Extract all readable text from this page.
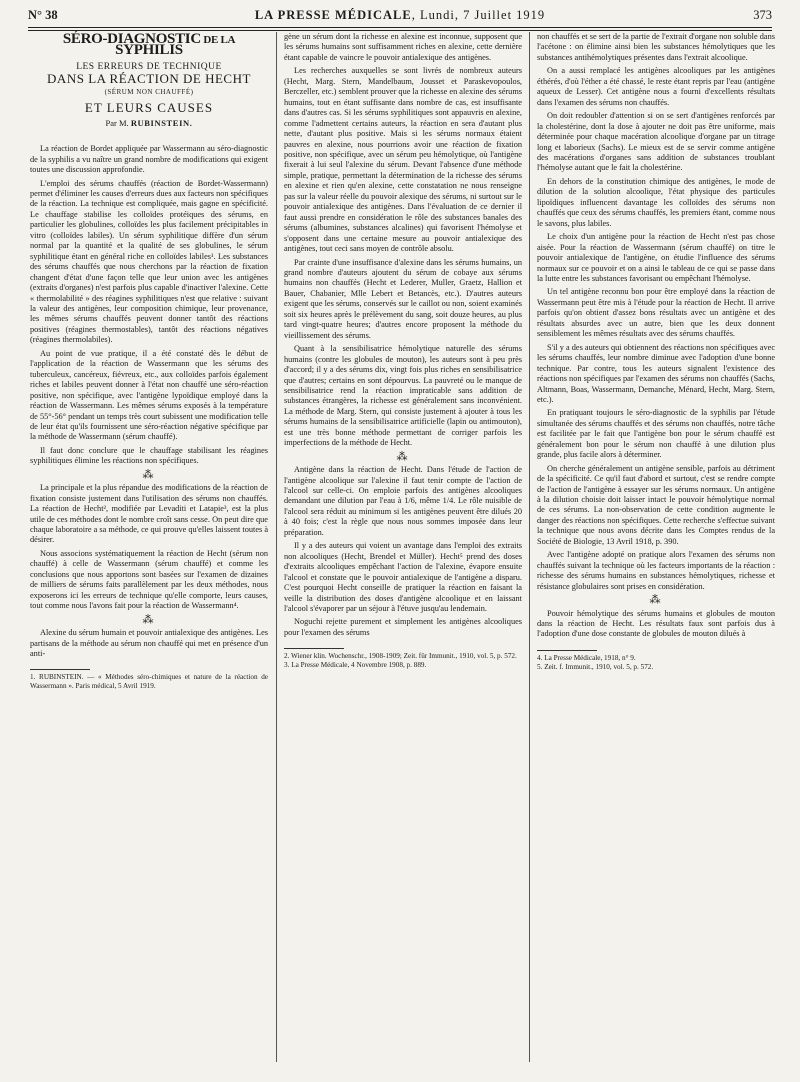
N° 38	LA PRESSE MÉDICALE, Lundi, 7 Juillet 1919	373
SÉRO-DIAGNOSTIC DE LA SYPHILIS
LES ERREURS DE TECHNIQUE
DANS LA RÉACTION DE HECHT
(SÉRUM NON CHAUFFÉ)
ET LEURS CAUSES
Par M. RUBINSTEIN.

La réaction de Bordet appliquée par Wassermann au séro-diagnostic de la syphilis a vu naître un grand nombre de modifications qui exigent toutes une discussion approfondie.

L'emploi des sérums chauffés (réaction de Bordet-Wassermann) permet d'éliminer les causes d'erreurs dues aux facteurs non spécifiques de la réaction. La technique est compliquée, mais gagne en spécificité. Le chauffage stabilise les colloïdes protéiques des sérums, en particulier les globulines, colloïdes les plus facilement précipitables in vitro (colloïdes labiles). Un sérum syphilitique diffère d'un sérum normal par la quantité et la qualité de ses globulines, le sérum syphilitique étant en général riche en colloïdes labiles¹. Les substances des sérums chauffés que nous cherchons par la réaction de fixation changent d'état d'une façon telle que leur union avec les antigènes (extraits d'organes) n'est parfois plus capable d'inactiver l'alexine. Cette « thermolabilité » des réagines syphilitiques n'est que relative : suivant la valeur des antigènes, leur composition chimique, leur provenance, les mêmes sérums chauffés peuvent donner tantôt des réactions positives (réagines thermostables), tantôt des réactions négatives (réagines thermolabiles).

Au point de vue pratique, il a été constaté dès le début de l'application de la réaction de Wassermann que les sérums des tuberculeux, cancéreux, fiévreux, etc., aux colloïdes parfois également riches et labiles peuvent donner à l'état non chauffé une séro-réaction positive, non spécifique, avec l'antigène lypoïdique employé dans la réaction de Wassermann. Les mêmes sérums exposés à la température de 55°-56° pendant un temps très court subissent une modification telle de leur état qu'ils fournissent une séro-réaction négative spécifique par la méthode de Wassermann (sérum chauffé).

Il faut donc conclure que le chauffage stabilisant les réagines syphilitiques élimine les réactions non spécifiques.

⁂

La principale et la plus répandue des modifications de la réaction de fixation consiste justement dans l'utilisation des sérums non chauffés. La réaction de Hecht², modifiée par Levaditi et Latapie³, est la plus utile de ces méthodes dont le nombre croît sans cesse. On peut dire que chaque laboratoire a sa méthode, ce qui prouve qu'elles laissent toutes à désirer.

Nous associons systématiquement la réaction de Hecht (sérum non chauffé) à celle de Wassermann (sérum chauffé) et comme les conclusions que nous apportons sont basées sur l'examen de dizaines de milliers de sérums faits parallèlement par les deux méthodes, nous exposerons ici les erreurs de technique qu'elle comporte, leurs causes, tout comme nous l'avons fait pour la réaction de Wassermann⁴.

⁂

Alexine du sérum humain et pouvoir antialexique des antigènes. Les partisans de la méthode au sérum non chauffé qui met en présence d'un anti-

1. RUBINSTEIN. — « Méthodes séro-chimiques et nature de la réaction de Wassermann ». Paris médical, 5 Avril 1919.

gène un sérum dont la richesse en alexine est inconnue, supposent que les sérums humains sont suffisamment riches en alexine, cette dernière étant capable de vaincre le pouvoir antialexique des antigènes.

Les recherches auxquelles se sont livrés de nombreux auteurs (Hecht, Marg. Stern, Mandelbaum, Jousset et Paraskevopoulos, Berczeller, etc.) semblent prouver que la richesse en alexine des sérums humains, tout en étant suffisante dans nombre de cas, est insuffisante dans d'autres cas. Si les sérums syphilitiques sont appauvris en alexine, comme l'admettent certains auteurs, la réaction en sera d'autant plus nette, d'autant plus positive. Mais si les sérums normaux étaient pauvres en alexine, nous pourrions avoir une réaction de fixation positive, non spécifique, avec un sérum peu hémolytique, où l'antigène fixerait à lui seul l'alexine du sérum. Devant l'absence d'une méthode simple, pratique, permettant la détermination de la richesse des sérums en alexine et rien qu'en alexine, cette constatation ne nous renseigne pas sur la valeur réelle du pouvoir alexique des sérums, ni surtout sur le pouvoir antialexique des antigènes. Dans l'évaluation de ce dernier il faut aussi prendre en considération le rôle des substances banales des sérums (albumines, substances alcalines) qui favorisent l'hémolyse et s'opposent dans une certaine mesure au pouvoir antialexique des antigènes, tout ceci sans moyen de contrôle absolu.

Par crainte d'une insuffisance d'alexine dans les sérums humains, un grand nombre d'auteurs ajoutent du sérum de cobaye aux sérums humains non chauffés (Hecht et Lederer, Muller, Graetz, Hallion et Bauer, Chabanier, Mlle Lebert et Betancès, etc.). D'autres auteurs exigent que les sérums, conservés sur le caillot ou non, soient examinés soit six heures après le prélèvement du sang, soit douze heures, au plus tard vingt-quatre heures; d'autres encore proposent la méthode du vieillissement des sérums.

Quant à la sensibilisatrice hémolytique naturelle des sérums humains (contre les globules de mouton), les auteurs sont à peu près d'accord; il y a des sérums dix, vingt fois plus riches en sensibilisatrice que d'autres; certains en sont dépourvus. La pauvreté ou le manque de sensibilisatrice rend la réaction impraticable sans addition de substances étrangères, la richesse est généralement sans inconvénient. La méthode de Marg. Stern, qui consiste justement à ajouter à tous les sérums humains de la sensibilisatrice artificielle (lapin ou antimouton), est une très bonne méthode permettant de corriger parfois les imperfections de la méthode de Hecht.

⁂

Antigène dans la réaction de Hecht. Dans l'étude de l'action de l'antigène alcoolique sur l'alexine il faut tenir compte de l'action de l'alcool sur celle-ci. On emploie parfois des antigènes alcooliques demandant une dilution par l'eau à 1/6, même 1/4. Le rôle nuisible de l'alcool sera réduit au minimum si les antigènes peuvent être dilués 20 à 40 fois; c'est la règle que nous nous sommes imposée dans leur préparation.

Il y a des auteurs qui voient un avantage dans l'emploi des extraits non alcooliques (Hecht, Brendel et Müller). Hecht⁵ prend des doses d'extraits alcooliques empêchant l'action de l'alexine, évapore ensuite l'alcool et constate que le pouvoir antialexique de l'antigène a disparu. C'est pourquoi Hecht conseille de pratiquer la réaction en faisant la veille la distribution des doses d'antigène alcoolique et en laissant l'alcool s'évaporer par un séjour à l'étuve jusqu'au lendemain.

Noguchi rejette purement et simplement les antigènes alcooliques pour l'examen des sérums

2. Wiener klin. Wochenschr., 1908-1909; Zeit. für Immunit., 1910, vol. 5, p. 572.

3. La Presse Médicale, 4 Novembre 1908, p. 889.

non chauffés et se sert de la partie de l'extrait d'organe non soluble dans l'acétone : on élimine ainsi bien les substances hémolytiques que les substances antihémolytiques présentes dans l'extrait alcoolique.

On a aussi remplacé les antigènes alcooliques par les antigènes éthérés, d'où l'éther a été chassé, le reste étant repris par l'eau (antigène aqueux de Lesser). Cet antigène nous a fourni d'excellents résultats dans l'examen des sérums non chauffés.

On doit redoubler d'attention si on se sert d'antigènes renforcés par la cholestérine, dont la dose à ajouter ne doit pas être uniforme, mais déterminée pour chaque macération alcoolique d'organe par un titrage long et laborieux (Sachs). Le mieux est de se servir comme antigène des macérations d'organes sans addition de substances troublant l'hémolyse autant que le fait la cholestérine.

En dehors de la constitution chimique des antigènes, le mode de dilution de la solution alcoolique, l'état physique des particules lipoïdiques influencent davantage les colloïdes des sérums non chauffés que ceux des sérums chauffés, les premiers étant, comme nous le savons, plus labiles.

Le choix d'un antigène pour la réaction de Hecht n'est pas chose aisée. Pour la réaction de Wassermann (sérum chauffé) on titre le pouvoir antialexique de l'antigène, on étudie l'influence des sérums normaux sur ce pouvoir et on a ainsi le tableau de ce qui se passe dans la lutte entre les substances favorisant ou empêchant l'hémolyse.

Un tel antigène reconnu bon pour être employé dans la réaction de Wassermann peut être mis à l'étude pour la réaction de Hecht. Il arrive parfois qu'on obtient d'assez bons résultats avec un antigène et des résultats absurdes avec un autre, bien que les deux donnent sensiblement les mêmes résultats avec des sérums chauffés.

S'il y a des auteurs qui obtiennent des réactions non spécifiques avec les sérums chauffés, leur nombre diminue avec l'adoption d'une bonne technique. Par contre, tous les auteurs signalent l'existence des réactions non spécifiques par l'examen des sérums non chauffés (Sachs, Altmann, Boas, Wassermann, Demanche, Ménard, Hecht, Marg. Stern, etc.).

En pratiquant toujours le séro-diagnostic de la syphilis par l'étude simultanée des sérums chauffés et des sérums non chauffés, notre tâche est facilitée par le fait que l'antigène bon pour le sérum chauffé est généralement bon pour le sérum non chauffé à une dilution plus grande, plus facile alors à déterminer.

On cherche généralement un antigène sensible, parfois au détriment de la spécificité. Ce qu'il faut d'abord et surtout, c'est se rendre compte de l'action de l'antigène à essayer sur les sérums normaux. Un antigène à la dilution choisie doit laisser intact le pouvoir hémolytique normal de ces sérums. La non-observation de cette condition augmente le danger des réactions non spécifiques. Cette recherche s'effectue suivant la technique que nous avons décrite dans les Comptes rendus de la Société de Biologie, 13 Avril 1918, p. 390.

Avec l'antigène adopté on pratique alors l'examen des sérums non chauffés suivant la technique où les facteurs importants de la réaction : richesse des sérums humains en substances hémolytiques, richesse et résistance globulaires sont prises en considération.

⁂

Pouvoir hémolytique des sérums humains et globules de mouton dans la réaction de Hecht. Les résultats faux sont parfois dus à l'adoption d'une dose constante de globules de mouton dilués à

4. La Presse Médicale, 1918, n° 9.

5. Zeit. f. Immunit., 1910, vol. 5, p. 572.
